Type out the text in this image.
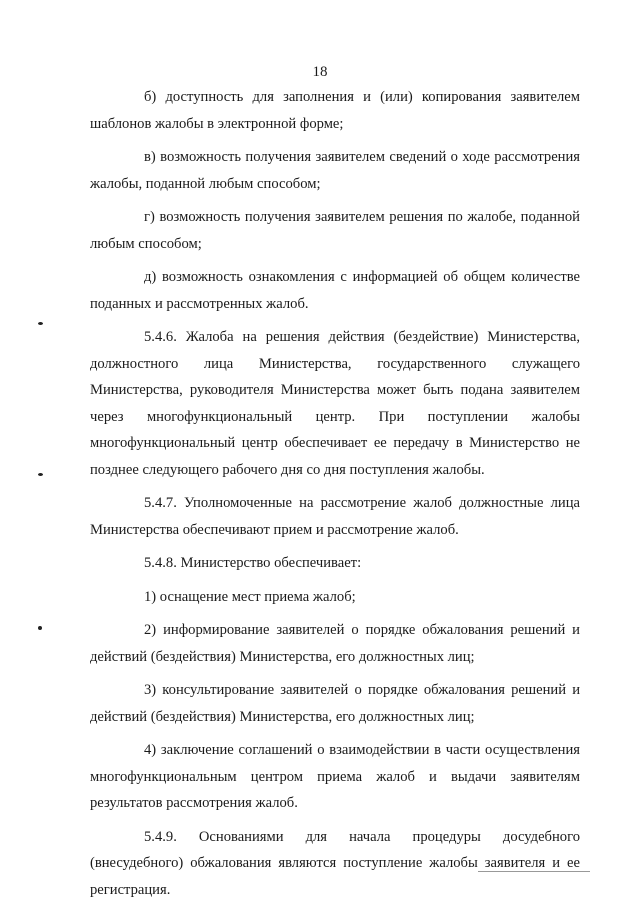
18

б) доступность для заполнения и (или) копирования заявителем шаблонов жалобы в электронной форме;

в) возможность получения заявителем сведений о ходе рассмотрения жалобы, поданной любым способом;

г) возможность получения заявителем решения по жалобе, поданной любым способом;

д) возможность ознакомления с информацией об общем количестве поданных и рассмотренных жалоб.

5.4.6. Жалоба на решения действия (бездействие) Министерства, должностного лица Министерства, государственного служащего Министерства, руководителя Министерства может быть подана заявителем через многофункциональный центр. При поступлении жалобы многофункциональный центр обеспечивает ее передачу в Министерство не позднее следующего рабочего дня со дня поступления жалобы.

5.4.7. Уполномоченные на рассмотрение жалоб должностные лица Министерства обеспечивают прием и рассмотрение жалоб.

5.4.8. Министерство обеспечивает:

1) оснащение мест приема жалоб;

2) информирование заявителей о порядке обжалования решений и действий (бездействия) Министерства, его должностных лиц;

3) консультирование заявителей о порядке обжалования решений и действий (бездействия) Министерства, его должностных лиц;

4) заключение соглашений о взаимодействии в части осуществления многофункциональным центром приема жалоб и выдачи заявителям результатов рассмотрения жалоб.

5.4.9. Основаниями для начала процедуры досудебного (внесудебного) обжалования являются поступление жалобы заявителя и ее регистрация.
